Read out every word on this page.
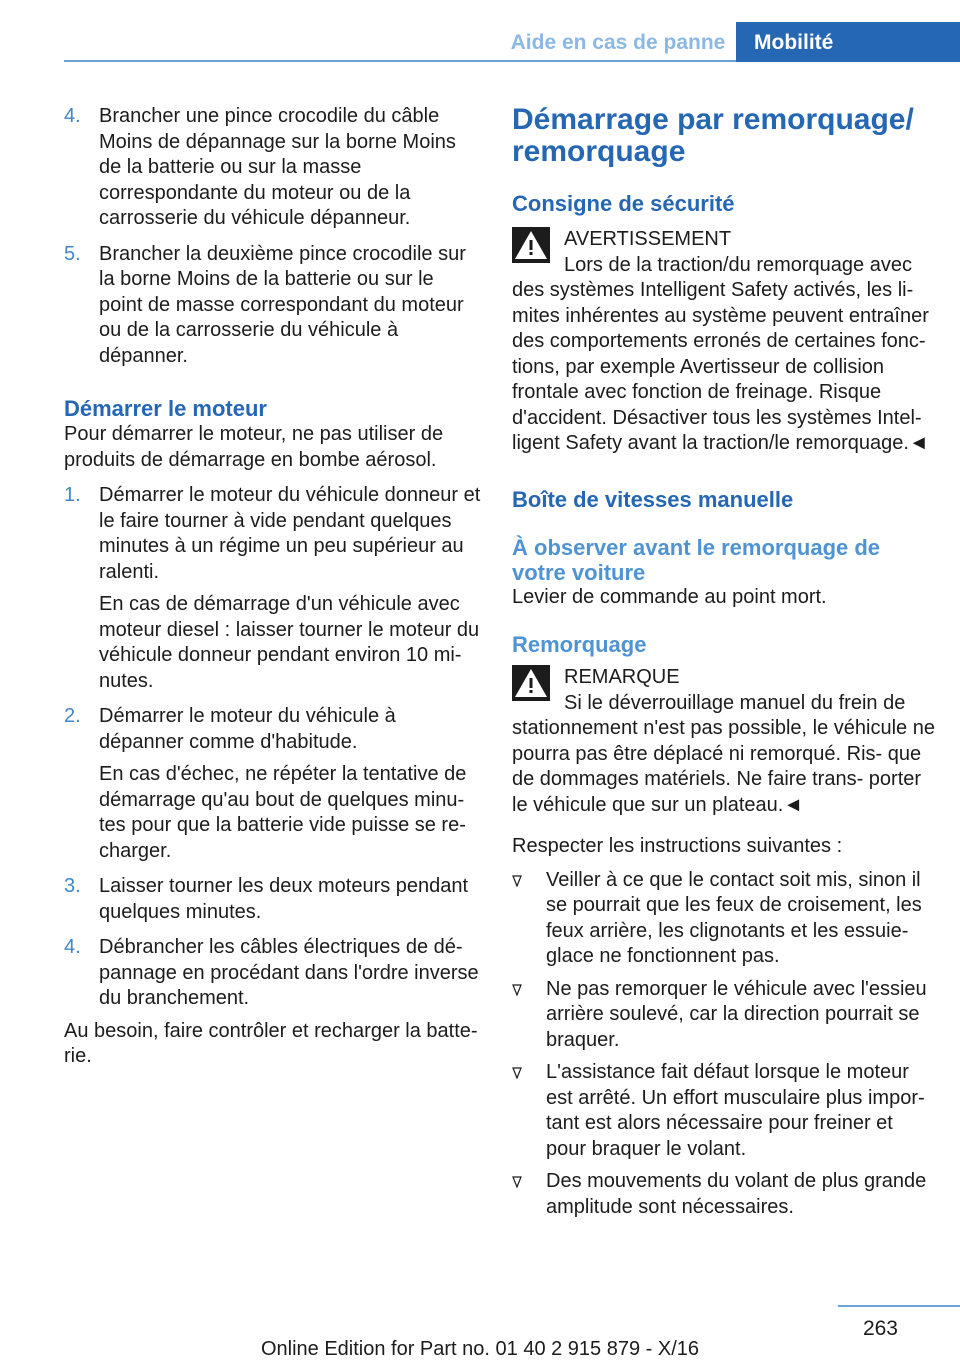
Aide en cas de panne	Mobilité
4. Brancher une pince crocodile du câble Moins de dépannage sur la borne Moins de la batterie ou sur la masse correspondante du moteur ou de la carrosserie du véhicule dépanneur.

5. Brancher la deuxième pince crocodile sur la borne Moins de la batterie ou sur le point de masse correspondant du moteur ou de la carrosserie du véhicule à dépanner.

Démarrer le moteur

Pour démarrer le moteur, ne pas utiliser de produits de démarrage en bombe aérosol.

1. Démarrer le moteur du véhicule donneur et le faire tourner à vide pendant quelques minutes à un régime un peu supérieur au ralenti.

En cas de démarrage d'un véhicule avec moteur diesel : laisser tourner le moteur du véhicule donneur pendant environ 10 mi‐ nutes.

2. Démarrer le moteur du véhicule à dépanner comme d'habitude.

En cas d'échec, ne répéter la tentative de démarrage qu'au bout de quelques minu‐ tes pour que la batterie vide puisse se re‐ charger.

3. Laisser tourner les deux moteurs pendant quelques minutes.

4. Débrancher les câbles électriques de dé‐ pannage en procédant dans l'ordre inverse du branchement.

Au besoin, faire contrôler et recharger la batte‐ rie.

Démarrage par remorquage/ remorquage
Consigne de sécurité

AVERTISSEMENT

Lors de la traction/du remorquage avec

des systèmes Intelligent Safety activés, les li‐ mites inhérentes au système peuvent entraîner des comportements erronés de certaines fonc‐ tions, par exemple Avertisseur de collision frontale avec fonction de freinage. Risque d'accident. Désactiver tous les systèmes Intel‐ ligent Safety avant la traction/le remorquage.◄

Boîte de vitesses manuelle
À observer avant le remorquage de votre voiture

Levier de commande au point mort.

Remorquage

REMARQUE

Si le déverrouillage manuel du frein de

stationnement n'est pas possible, le véhicule ne pourra pas être déplacé ni remorqué. Ris‐ que de dommages matériels. Ne faire trans‐ porter le véhicule que sur un plateau.◄

Respecter les instructions suivantes :

Veiller à ce que le contact soit mis, sinon il se pourrait que les feux de croisement, les feux arrière, les clignotants et les essuie- glace ne fonctionnent pas.

Ne pas remorquer le véhicule avec l'essieu arrière soulevé, car la direction pourrait se braquer.

L'assistance fait défaut lorsque le moteur est arrêté. Un effort musculaire plus impor‐ tant est alors nécessaire pour freiner et pour braquer le volant.

Des mouvements du volant de plus grande amplitude sont nécessaires.

263
Online Edition for Part no. 01 40 2 915 879 - X/16
